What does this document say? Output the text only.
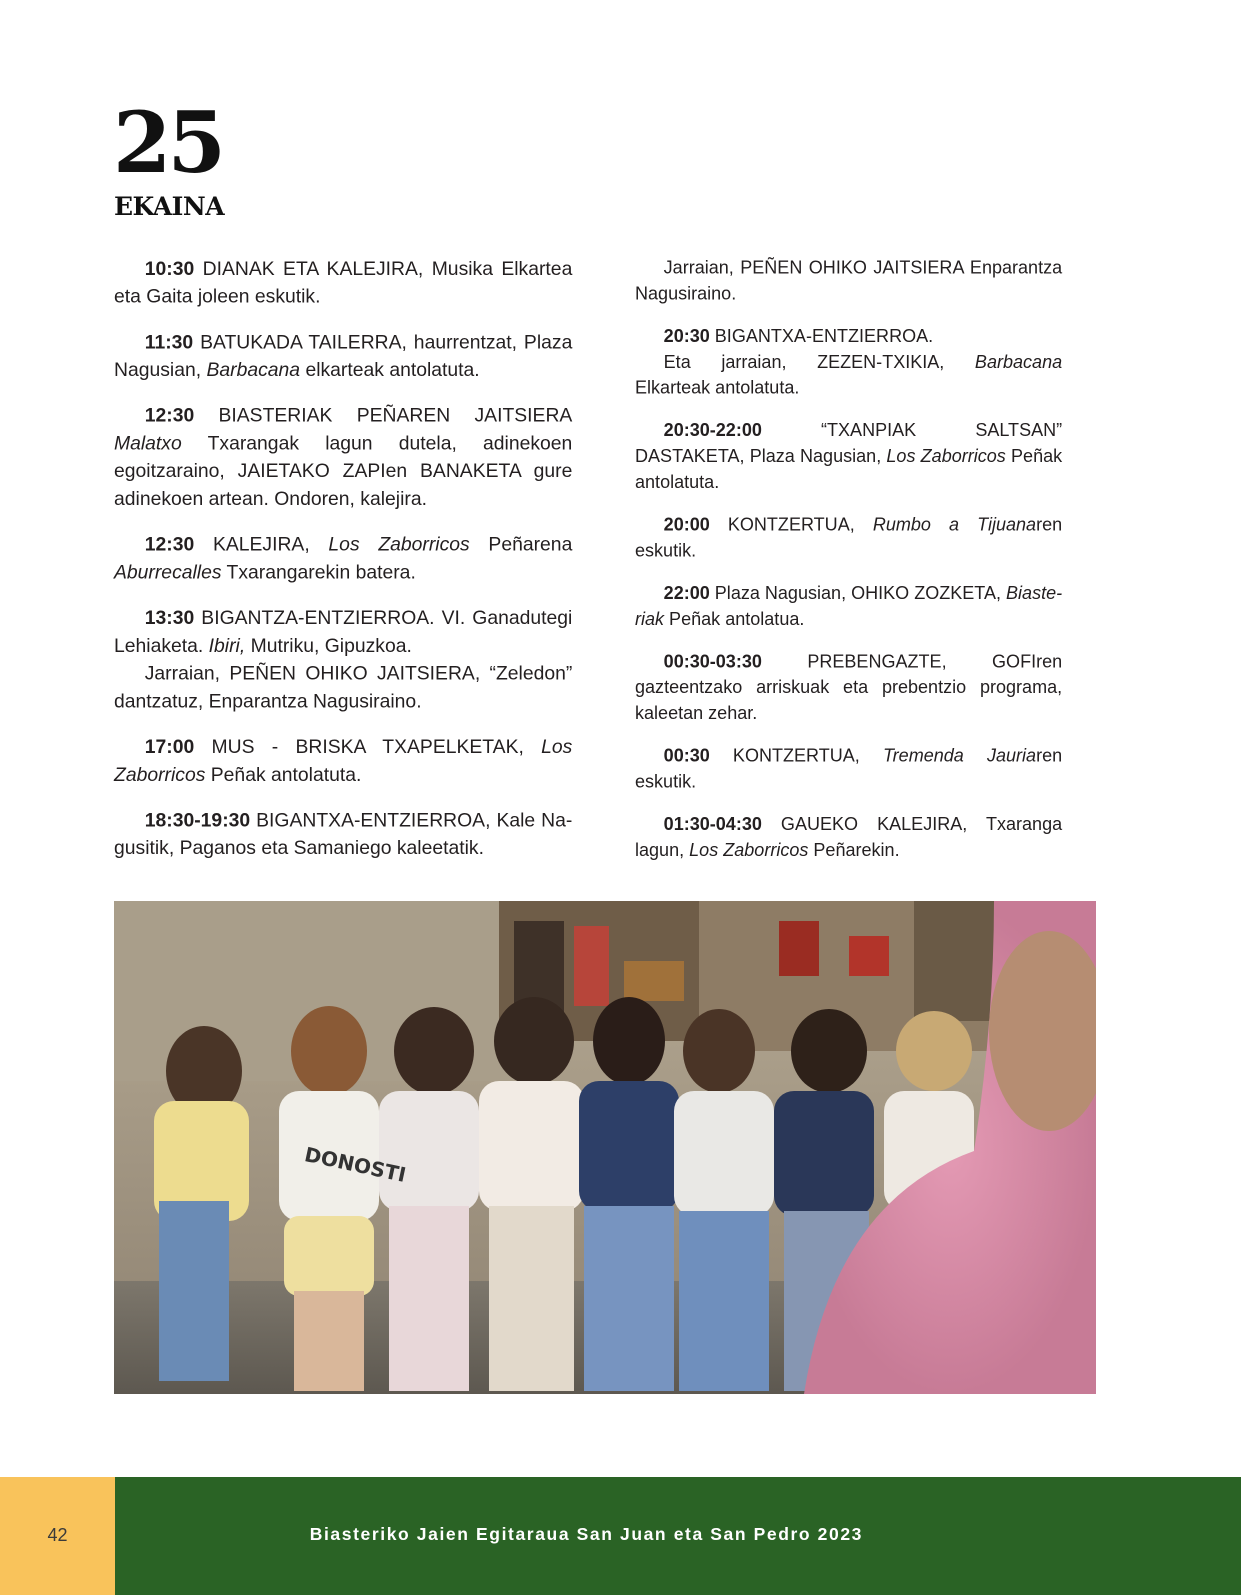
25
EKAINA

10:30 DIANAK ETA KALEJIRA, Musika Elkartea eta Gaita joleen eskutik.

11:30 BATUKADA TAILERRA, haurrentzat, Plaza Nagusian, Barbacana elkarteak antolatuta.

12:30 BIASTERIAK PEÑAREN JAITSIERA Malatxo Txarangak lagun dutela, adinekoen egoitzaraino, JAIETAKO ZAPIen BANAKETA gure adinekoen artean. Ondoren, kalejira.

12:30 KALEJIRA, Los Zaborricos Peñarena Aburrecalles Txarangarekin batera.

13:30 BIGANTZA-ENTZIERROA. VI. Ganadutegi Lehiaketa. Ibiri, Mutriku, Gipuzkoa.

Jarraian, PEÑEN OHIKO JAITSIERA, “Zeledon” dantzatuz, Enparantza Nagusiraino.

17:00 MUS - BRISKA TXAPELKETAK, Los Zaborricos Peñak antolatuta.

18:30-19:30 BIGANTXA-ENTZIERROA, Kale Nagusitik, Paganos eta Samaniego kaleetatik.

Jarraian, PEÑEN OHIKO JAITSIERA Enparantza Nagusiraino.

20:30 BIGANTXA-ENTZIERROA.

Eta jarraian, ZEZEN-TXIKIA, Barbacana Elkarteak antolatuta.

20:30-22:00 “TXANPIAK SALTSAN” DASTAKETA, Plaza Nagusian, Los Zaborricos Peñak antolatuta.

20:00 KONTZERTUA, Rumbo a Tijuanaren eskutik.

22:00 Plaza Nagusian, OHIKO ZOZKETA, Biasteriak Peñak antolatua.

00:30-03:30 PREBENGAZTE, GOFIren gazteentzako arriskuak eta prebentzio programa, kaleetan zehar.

00:30 KONTZERTUA, Tremenda Jauriaren eskutik.

01:30-04:30 GAUEKO KALEJIRA, Txaranga lagun, Los Zaborricos Peñarekin.

DONOSTI
42	Biasteriko Jaien Egitaraua San Juan eta San Pedro 2023
